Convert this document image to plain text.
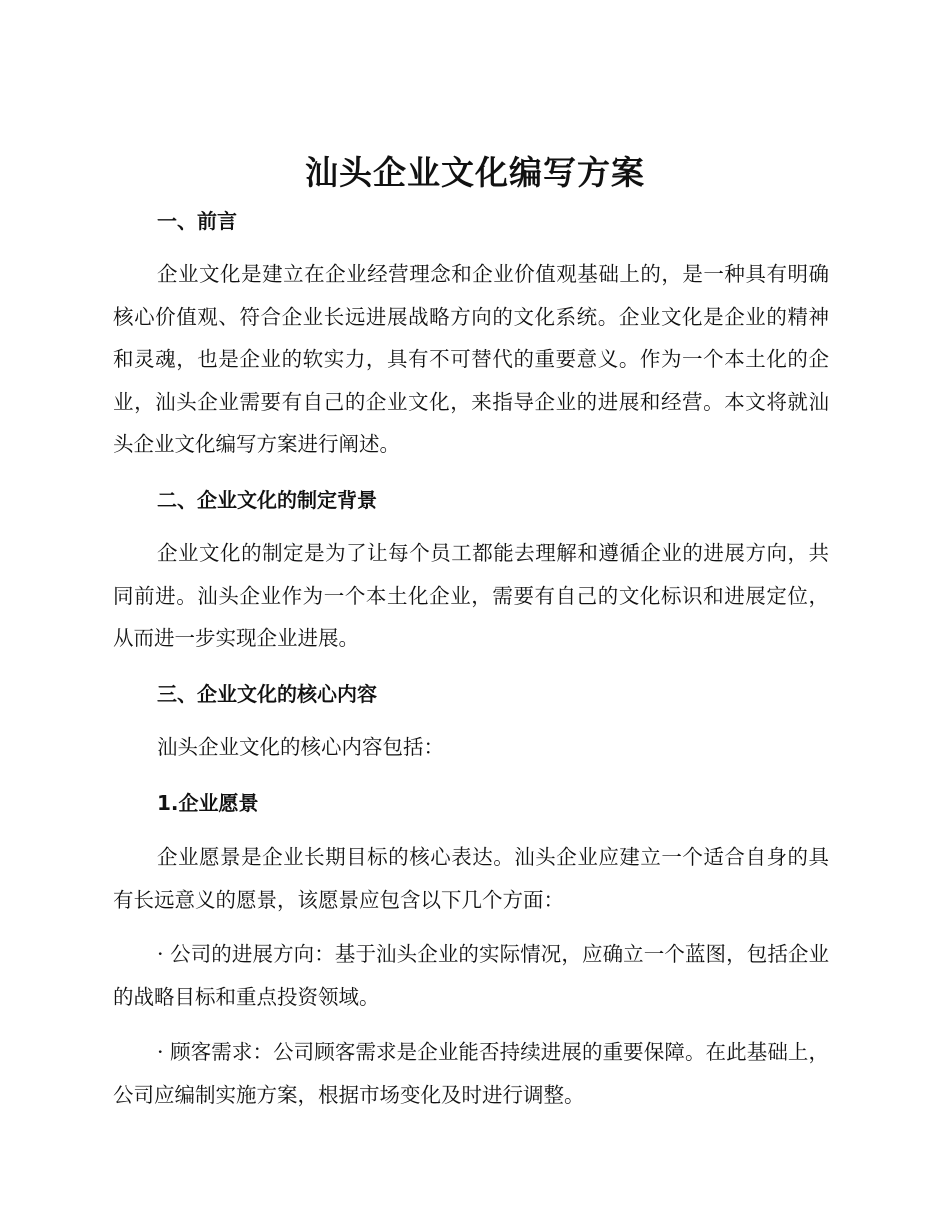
汕头企业文化编写方案
一、前言

企业文化是建立在企业经营理念和企业价值观基础上的，是一种具有明确核心价值观、符合企业长远进展战略方向的文化系统。企业文化是企业的精神和灵魂，也是企业的软实力，具有不可替代的重要意义。作为一个本土化的企业，汕头企业需要有自己的企业文化，来指导企业的进展和经营。本文将就汕头企业文化编写方案进行阐述。

二、企业文化的制定背景

企业文化的制定是为了让每个员工都能去理解和遵循企业的进展方向，共同前进。汕头企业作为一个本土化企业，需要有自己的文化标识和进展定位，从而进一步实现企业进展。

三、企业文化的核心内容

汕头企业文化的核心内容包括：

1.企业愿景

企业愿景是企业长期目标的核心表达。汕头企业应建立一个适合自身的具有长远意义的愿景，该愿景应包含以下几个方面：

· 公司的进展方向：基于汕头企业的实际情况，应确立一个蓝图，包括企业的战略目标和重点投资领域。

· 顾客需求：公司顾客需求是企业能否持续进展的重要保障。在此基础上，公司应编制实施方案，根据市场变化及时进行调整。
